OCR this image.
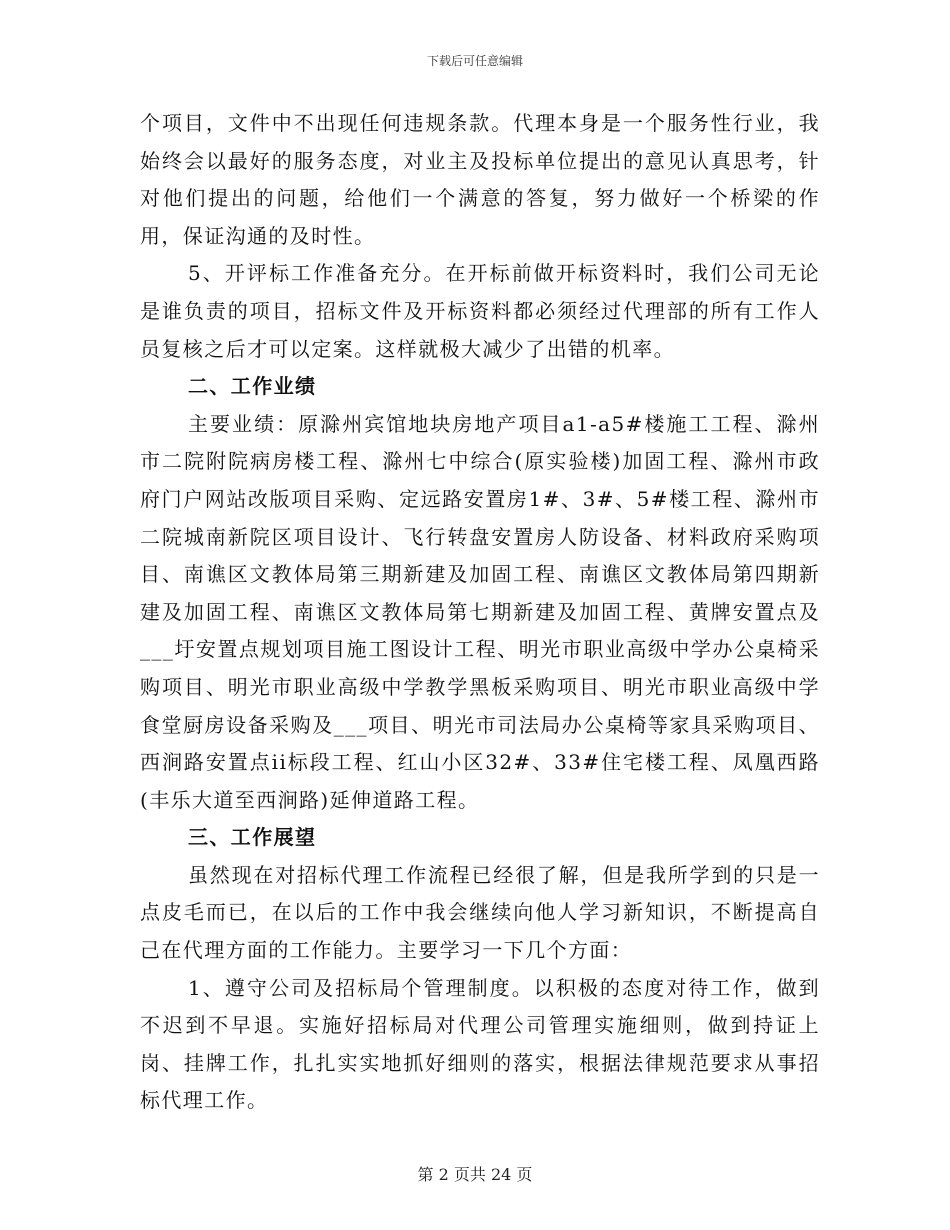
下载后可任意编辑

个项目，文件中不出现任何违规条款。代理本身是一个服务性行业，我始终会以最好的服务态度，对业主及投标单位提出的意见认真思考，针对他们提出的问题，给他们一个满意的答复，努力做好一个桥梁的作用，保证沟通的及时性。

5、开评标工作准备充分。在开标前做开标资料时，我们公司无论是谁负责的项目，招标文件及开标资料都必须经过代理部的所有工作人员复核之后才可以定案。这样就极大减少了出错的机率。

二、工作业绩

主要业绩：原滁州宾馆地块房地产项目a1-a5#楼施工工程、滁州市二院附院病房楼工程、滁州七中综合(原实验楼)加固工程、滁州市政府门户网站改版项目采购、定远路安置房1#、3#、5#楼工程、滁州市二院城南新院区项目设计、飞行转盘安置房人防设备、材料政府采购项目、南谯区文教体局第三期新建及加固工程、南谯区文教体局第四期新建及加固工程、南谯区文教体局第七期新建及加固工程、黄牌安置点及___圩安置点规划项目施工图设计工程、明光市职业高级中学办公桌椅采购项目、明光市职业高级中学教学黑板采购项目、明光市职业高级中学食堂厨房设备采购及___项目、明光市司法局办公桌椅等家具采购项目、西涧路安置点ii标段工程、红山小区32#、33#住宅楼工程、凤凰西路(丰乐大道至西涧路)延伸道路工程。

三、工作展望

虽然现在对招标代理工作流程已经很了解，但是我所学到的只是一点皮毛而已，在以后的工作中我会继续向他人学习新知识，不断提高自己在代理方面的工作能力。主要学习一下几个方面：

1、遵守公司及招标局个管理制度。以积极的态度对待工作，做到不迟到不早退。实施好招标局对代理公司管理实施细则，做到持证上岗、挂牌工作，扎扎实实地抓好细则的落实，根据法律规范要求从事招标代理工作。

第 2 页共 24 页
